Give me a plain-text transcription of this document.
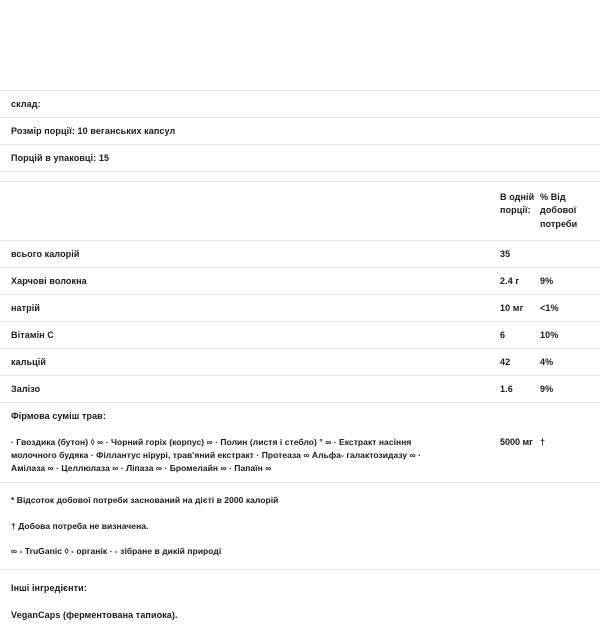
склад:
Розмір порції: 10 веганських капсул
Порцій в упаковці: 15
В одній порції:
% Від добової потреби
всього калорій	35
Харчові волокна	2.4 г	9%
натрій	10 мг	<1%
Вітамін C	6	10%
кальцій	42	4%
Залізо	1.6	9%
Фірмова суміш трав:
· Гвоздика (бутон) ◊ ∞ · Чорний горіх (корпус) ∞ · Полин (листя і стебло) ° ∞ · Екстракт насіння
молочного будяка · Філлантус нірурі, трав'яний екстракт · Протеаза ∞ Альфа- галактозидазу ∞ ·
Амілаза ∞ · Целлюлаза ∞ · Ліпаза ∞ · Бромелайн ∞ · Папаїн ∞
5000 мг †
* Відсоток добової потреби заснований на дієті в 2000 калорій
† Добова потреба не визначена.
∞ - TruGanic ◊ - органік · - зібране в дикій природі
Інші інгредієнти:
VeganCaps (ферментована тапиока).
